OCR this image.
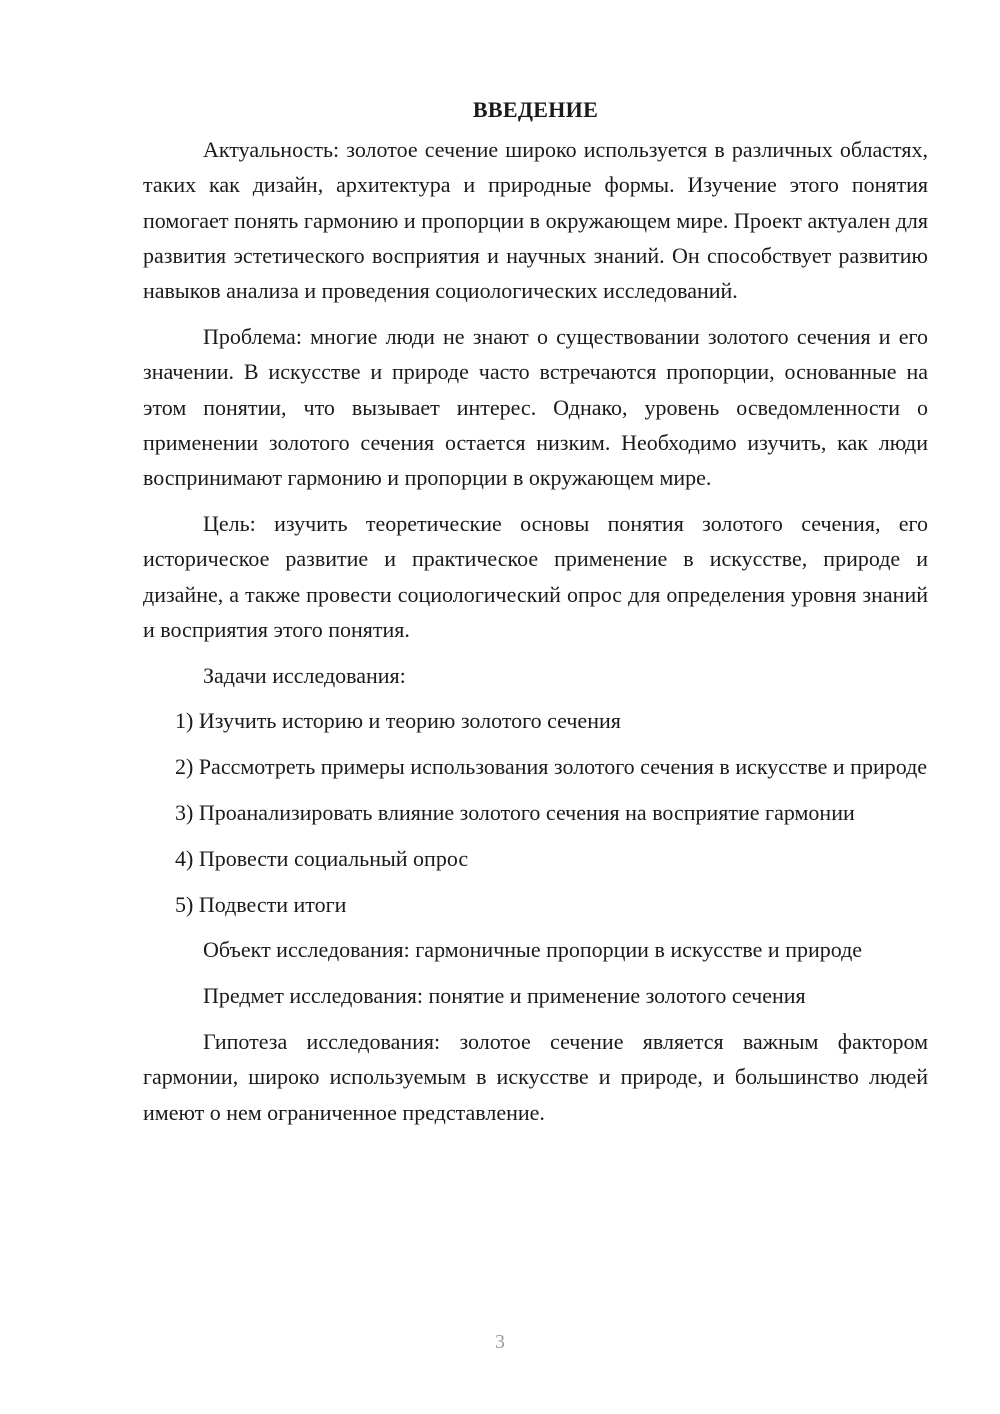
ВВЕДЕНИЕ

Актуальность: золотое сечение широко используется в различных областях, таких как дизайн, архитектура и природные формы. Изучение этого понятия помогает понять гармонию и пропорции в окружающем мире. Проект актуален для развития эстетического восприятия и научных знаний. Он способствует развитию навыков анализа и проведения социологических исследований.

Проблема: многие люди не знают о существовании золотого сечения и его значении. В искусстве и природе часто встречаются пропорции, основанные на этом понятии, что вызывает интерес. Однако, уровень осведомленности о применении золотого сечения остается низким. Необходимо изучить, как люди воспринимают гармонию и пропорции в окружающем мире.

Цель: изучить теоретические основы понятия золотого сечения, его историческое развитие и практическое применение в искусстве, природе и дизайне, а также провести социологический опрос для определения уровня знаний и восприятия этого понятия.

Задачи исследования:

1) Изучить историю и теорию золотого сечения

2) Рассмотреть примеры использования золотого сечения в искусстве и природе

3) Проанализировать влияние золотого сечения на восприятие гармонии

4) Провести социальный опрос

5) Подвести итоги

Объект исследования: гармоничные пропорции в искусстве и природе

Предмет исследования: понятие и применение золотого сечения

Гипотеза исследования: золотое сечение является важным фактором гармонии, широко используемым в искусстве и природе, и большинство людей имеют о нем ограниченное представление.

3
